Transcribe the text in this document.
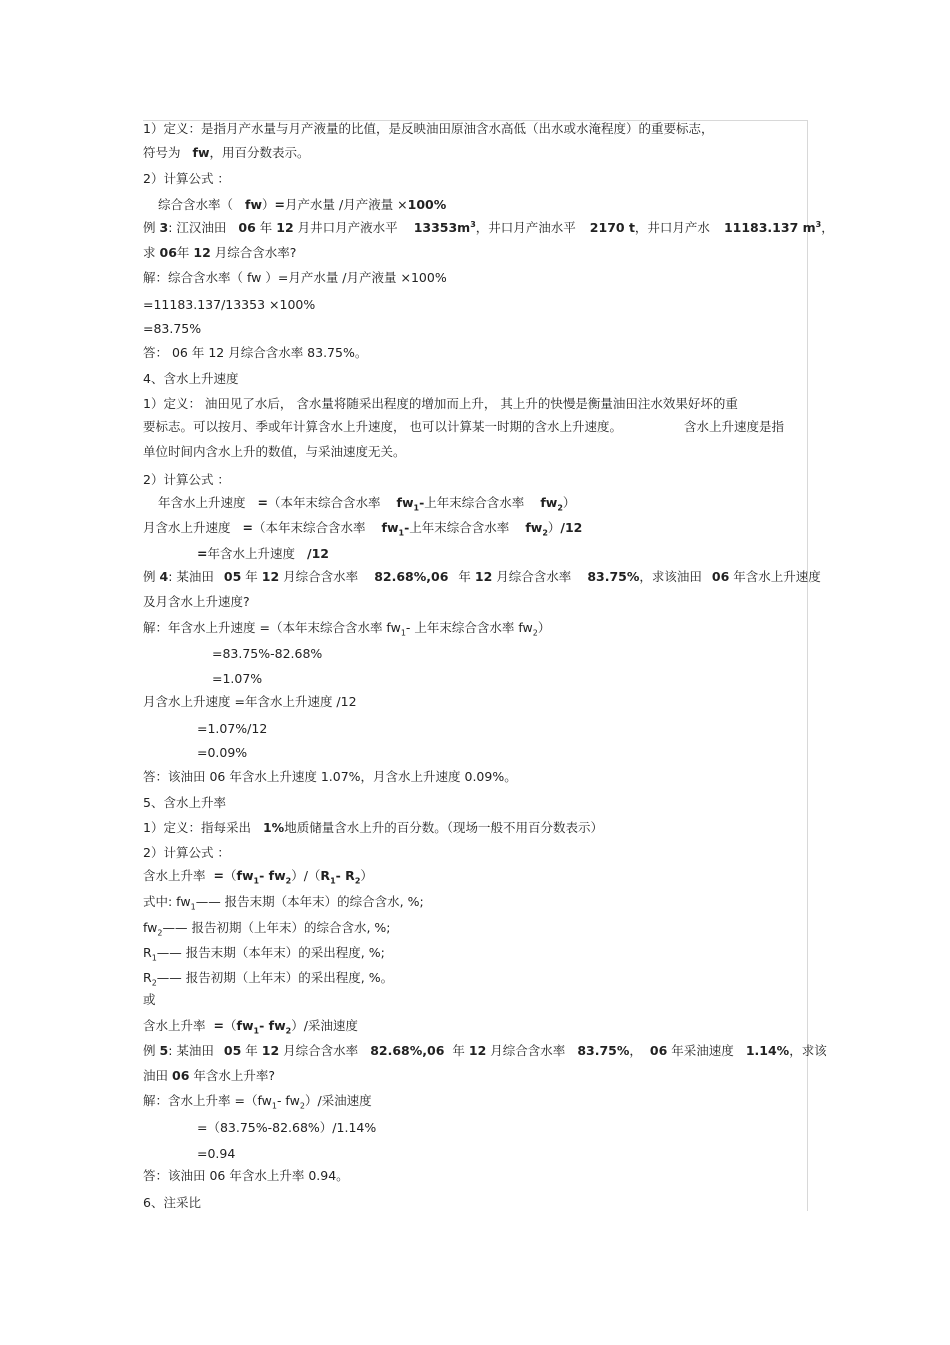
1）定义：是指月产水量与月产液量的比值，是反映油田原油含水高低（出水或水淹程度）的重要标志，
符号为 fw，用百分数表示。
2）计算公式 ：
综合含水率（ fw）=月产水量 /月产液量 ×100%
例 3: 江汉油田 06 年 12 月井口月产液水平 $13353m^3$，井口月产油水平 2170 t，井口月产水 11183.137 $m^3$，
求 06年 12 月综合含水率?
解：综合含水率（ fw ）=月产水量 /月产液量 ×100%
=11183.137/13353 ×100%
=83.75%
答： 06 年 12 月综合含水率 83.75%。
4、含水上升速度
1）定义： 油田见了水后， 含水量将随采出程度的增加而上升， 其上升的快慢是衡量油田注水效果好坏的重
要标志。可以按月、季或年计算含水上升速度， 也可以计算某一时期的含水上升速度。	含水上升速度是指
单位时间内含水上升的数值，与采油速度无关。
2）计算公式 ：
年含水上升速度 =（本年末综合含水率 $fw_1-$上年末综合含水率 $fw_2$）
月含水上升速度 =（本年末综合含水率 $fw_1-$上年末综合含水率 $fw_2)/12$
=年含水上升速度 /12
例 4: 某油田 05 年 12 月综合含水率 82.68%,06 年 12 月综合含水率 83.75%，求该油田 06 年含水上升速度
及月含水上升速度?
解：年含水上升速度 =（本年末综合含水率 $fw_1-$ 上年末综合含水率 $fw_2$）
=83.75%-82.68%
=1.07%
月含水上升速度 =年含水上升速度 /12
=1.07%/12
=0.09%
答：该油田 06 年含水上升速度 1.07%，月含水上升速度 0.09%。
5、含水上升率
1）定义：指每采出 1%地质储量含水上升的百分数。（现场一般不用百分数表示）
2）计算公式 ：
含水上升率 $=(fw_1-$ $fw_2)/(R_1-$ $R_2$）
式中: $fw_1——$ 报告末期（本年末）的综合含水, %;
$fw_2——$ 报告初期（上年末）的综合含水, %;
$R_1——$ 报告末期（本年末）的采出程度, %;
$R_2——$ 报告初期（上年末）的采出程度, %。
或
含水上升率 $=(fw_1-$ $fw_2)/$采油速度
例 5: 某油田 05 年 12 月综合含水率 82.68%,06 年 12 月综合含水率 83.75%， 06 年采油速度 1.14%，求该
油田 06 年含水上升率?
解：含水上升率 $=(fw_1-$ $fw_2)/$采油速度
=（83.75%-82.68%）/1.14%
=0.94
答：该油田 06 年含水上升率 0.94。
6、注采比
